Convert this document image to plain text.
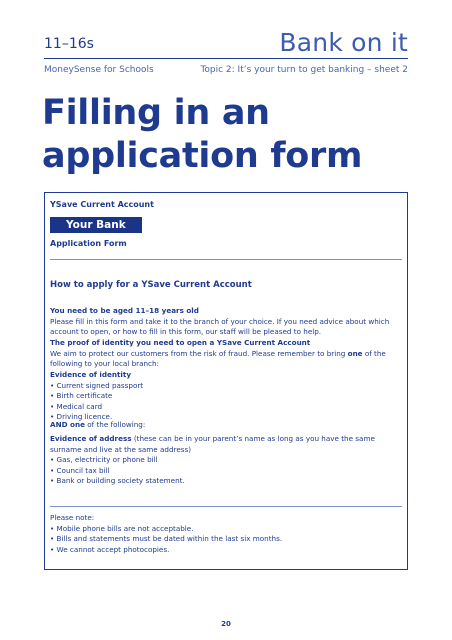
11–16s	Bank on it
MoneySense for Schools	Topic 2: It’s your turn to get banking – sheet 2
Filling in an application form
YSave Current Account
Your Bank
Application Form
How to apply for a YSave Current Account
You need to be aged 11–18 years old
Please fill in this form and take it to the branch of your choice. If you need advice about which account to open, or how to fill in this form, our staff will be pleased to help.
The proof of identity you need to open a YSave Current Account
We aim to protect our customers from the risk of fraud. Please remember to bring one of the following to your local branch:
Evidence of identity
• Current signed passport
• Birth certificate
• Medical card
• Driving licence.
AND one of the following:
Evidence of address (these can be in your parent’s name as long as you have the same surname and live at the same address)
• Gas, electricity or phone bill
• Council tax bill
• Bank or building society statement.
Please note:
• Mobile phone bills are not acceptable.
• Bills and statements must be dated within the last six months.
• We cannot accept photocopies.
20
